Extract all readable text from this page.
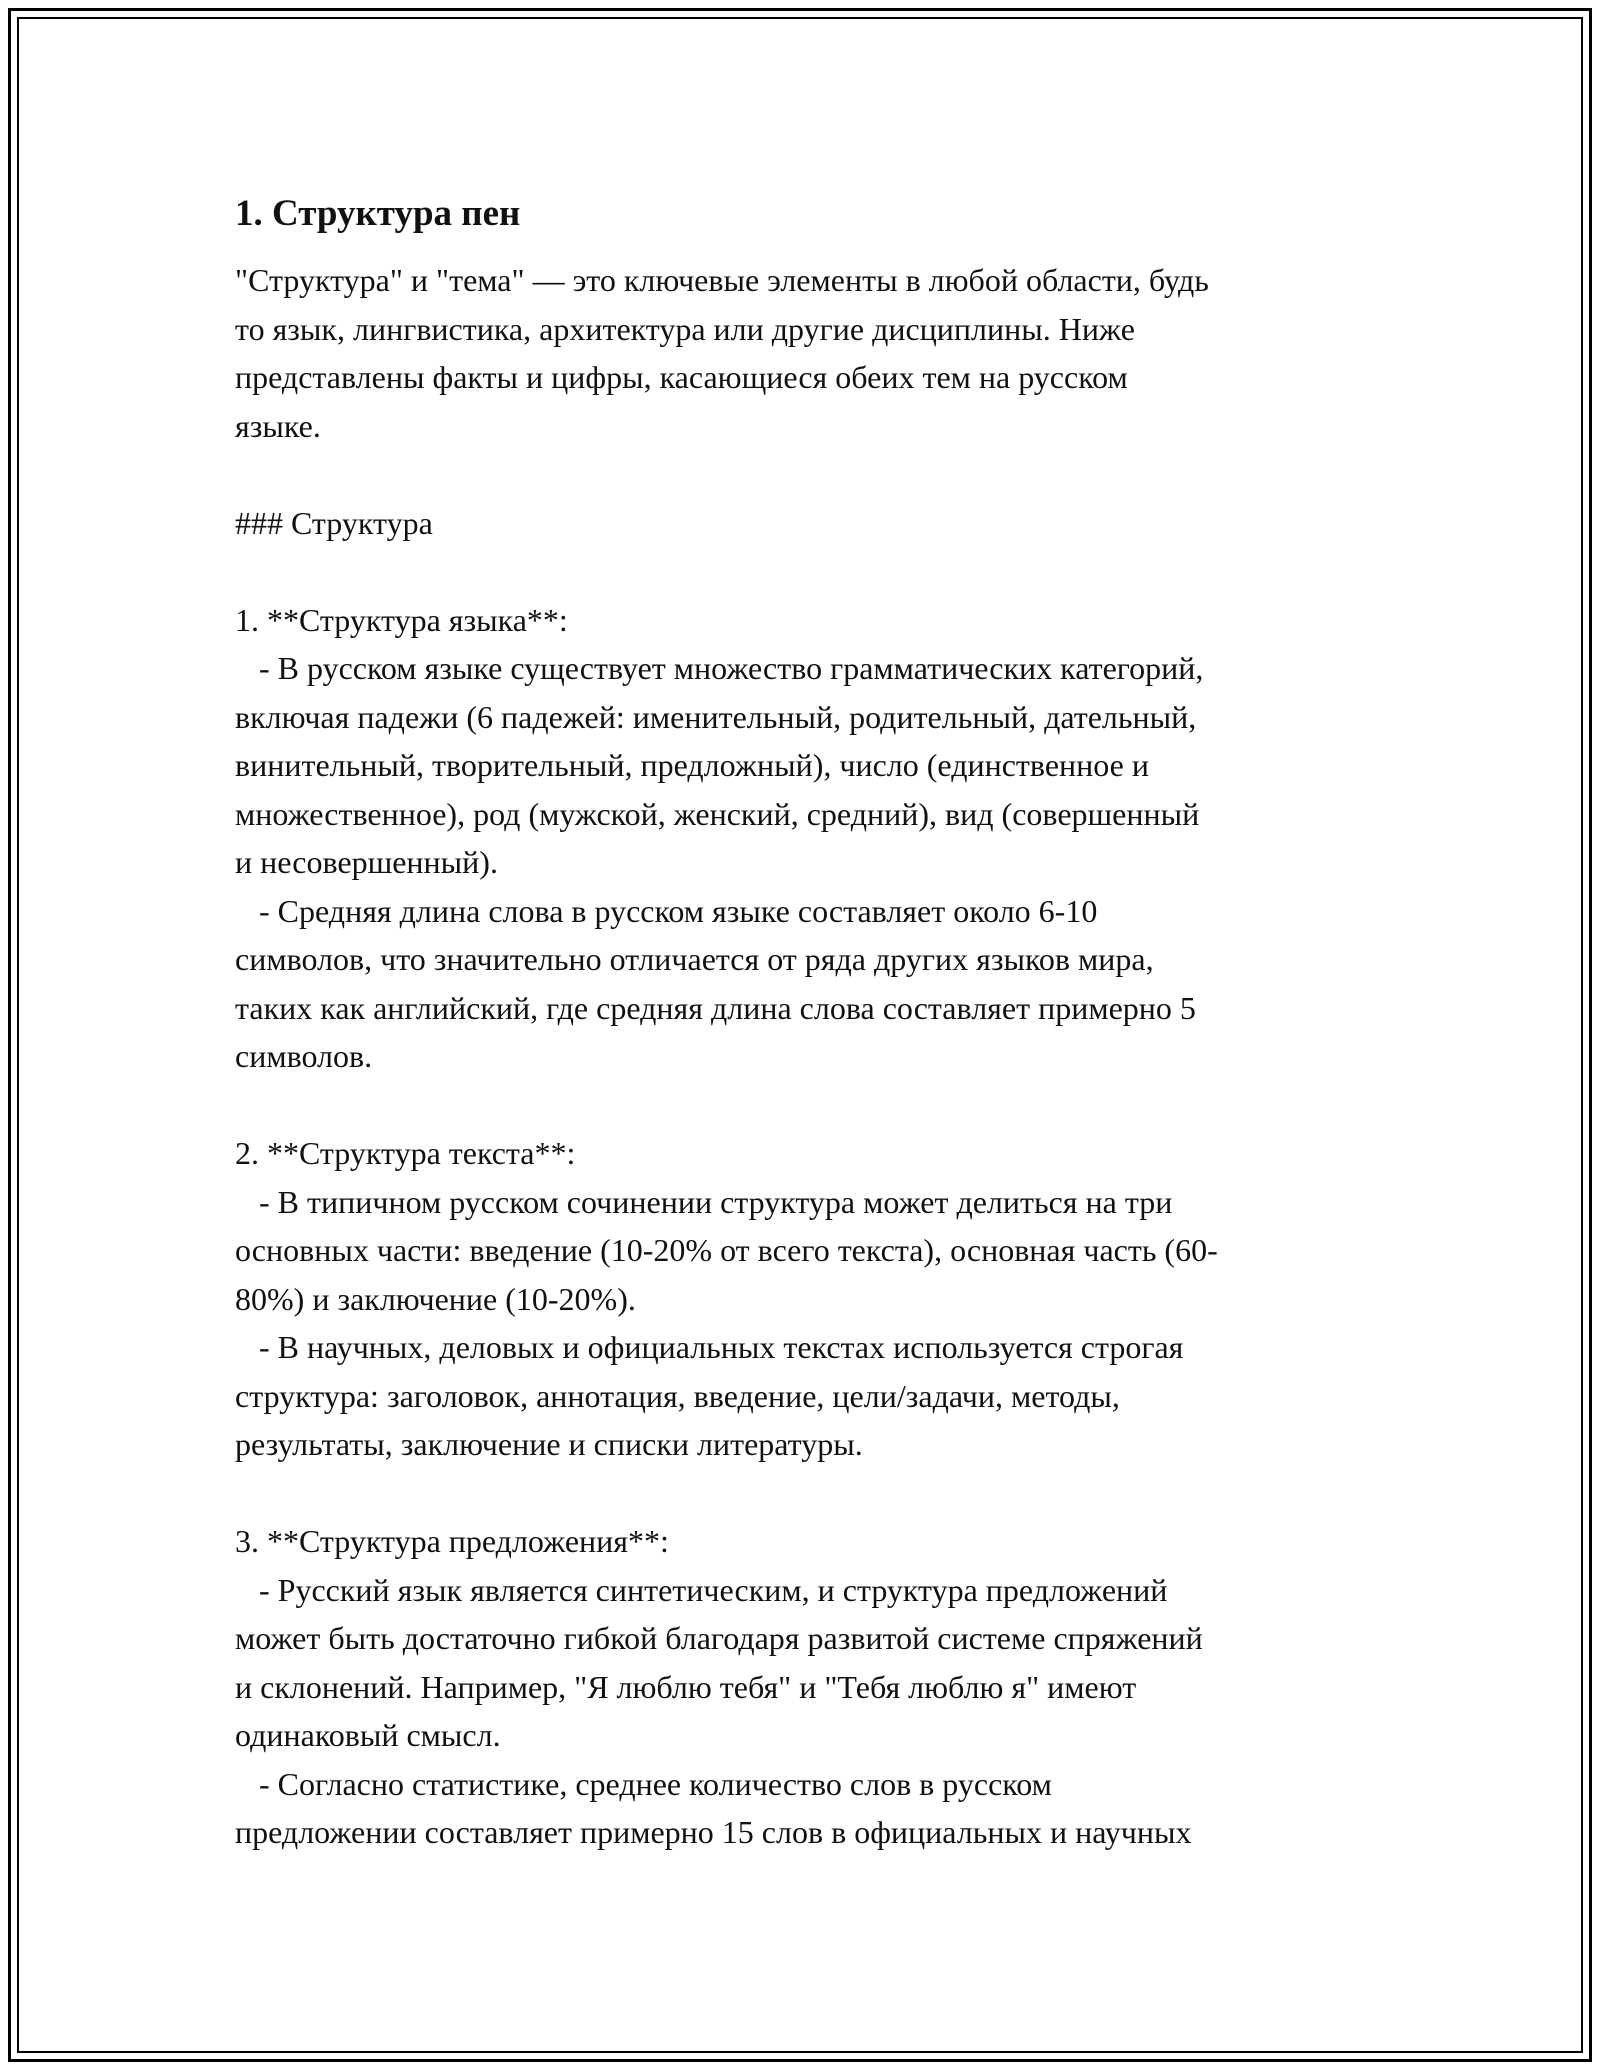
1. Структура пен
"Структура" и "тема" — это ключевые элементы в любой области, будь
то язык, лингвистика, архитектура или другие дисциплины. Ниже
представлены факты и цифры, касающиеся обеих тем на русском
языке.
### Структура
1. **Структура языка**:
- В русском языке существует множество грамматических категорий,
включая падежи (6 падежей: именительный, родительный, дательный,
винительный, творительный, предложный), число (единственное и
множественное), род (мужской, женский, средний), вид (совершенный
и несовершенный).
- Средняя длина слова в русском языке составляет около 6-10
символов, что значительно отличается от ряда других языков мира,
таких как английский, где средняя длина слова составляет примерно 5
символов.
2. **Структура текста**:
- В типичном русском сочинении структура может делиться на три
основных части: введение (10-20% от всего текста), основная часть (60-
80%) и заключение (10-20%).
- В научных, деловых и официальных текстах используется строгая
структура: заголовок, аннотация, введение, цели/задачи, методы,
результаты, заключение и списки литературы.
3. **Структура предложения**:
- Русский язык является синтетическим, и структура предложений
может быть достаточно гибкой благодаря развитой системе спряжений
и склонений. Например, "Я люблю тебя" и "Тебя люблю я" имеют
одинаковый смысл.
- Согласно статистике, среднее количество слов в русском
предложении составляет примерно 15 слов в официальных и научных
